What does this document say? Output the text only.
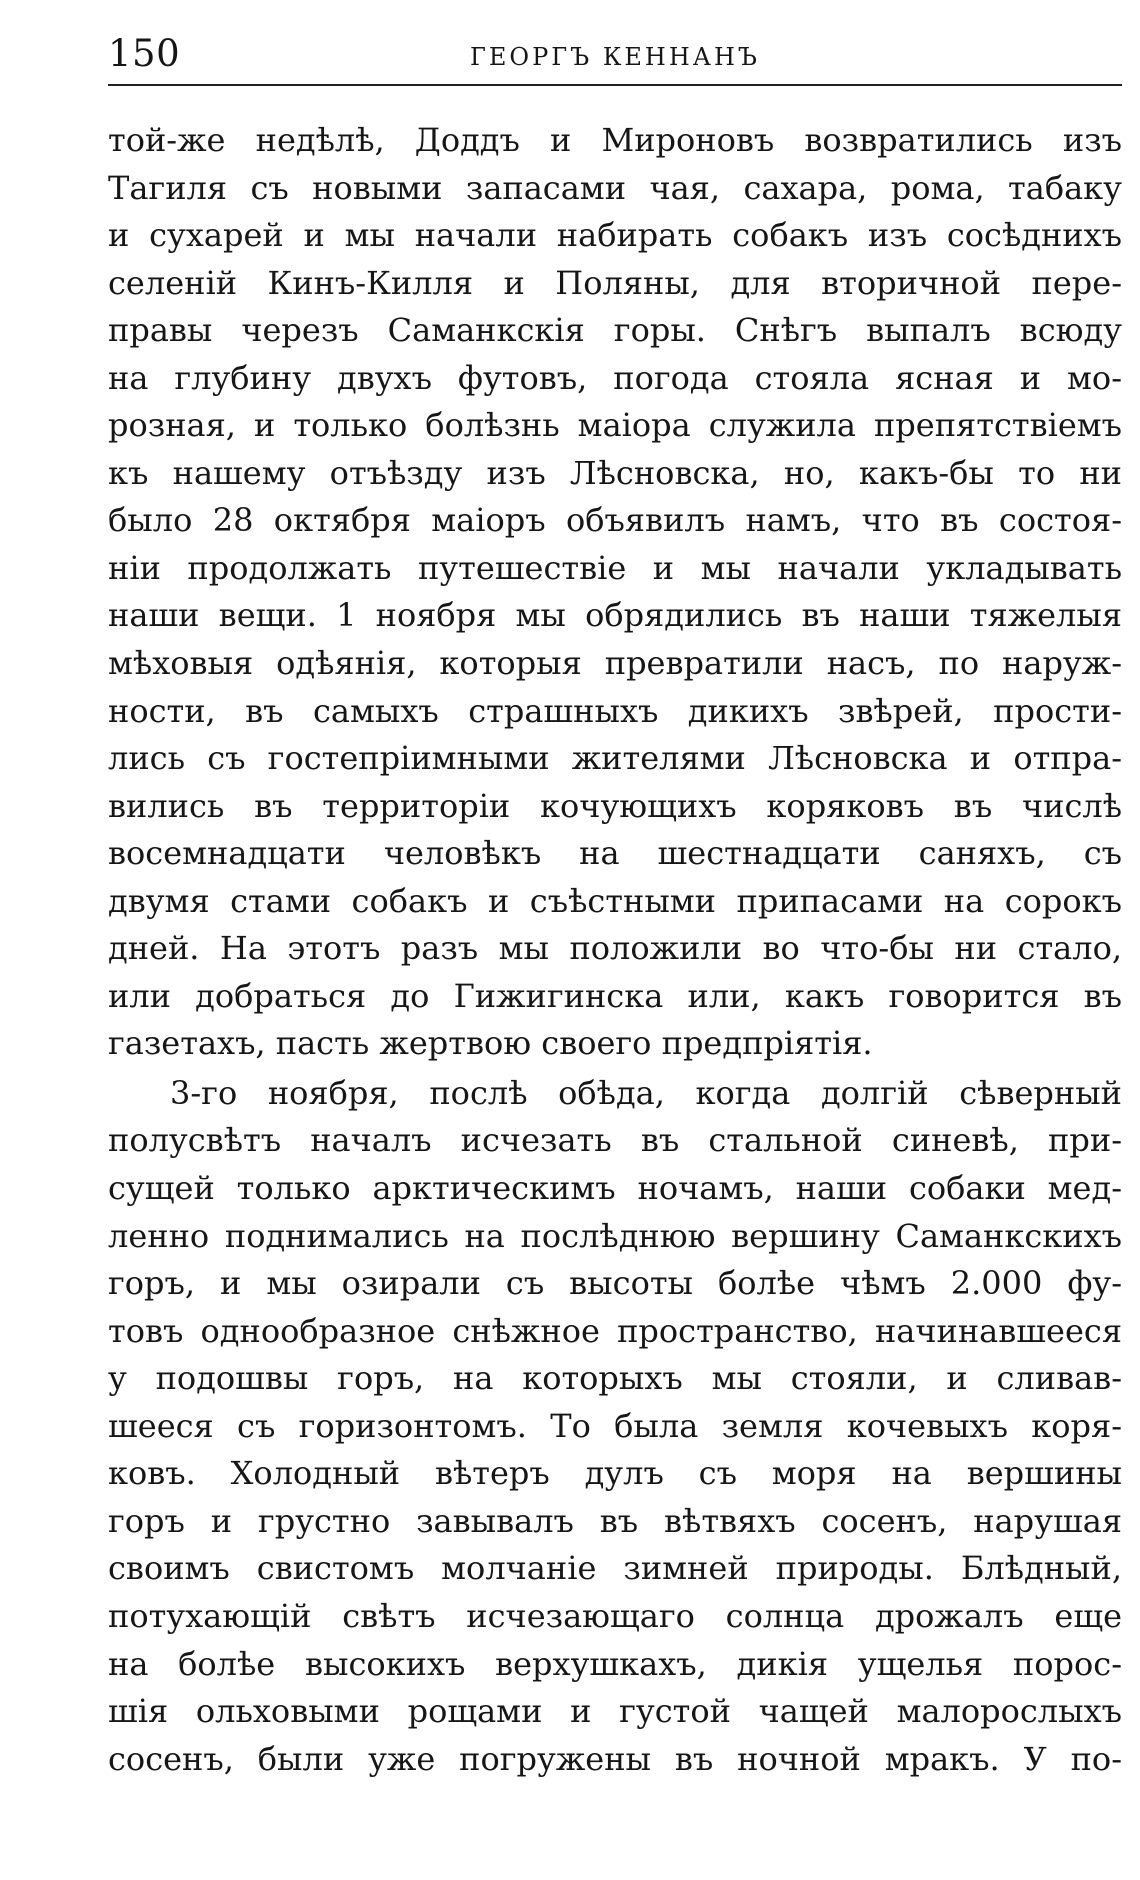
150	ГЕОРГЪ КЕННАНЪ
той-же недѣлѣ, Доддъ и Мироновъ возвратились изъ
Тагиля съ новыми запасами чая, сахара, рома, табаку
и сухарей и мы начали набирать собакъ изъ сосѣднихъ
селеній Кинъ-Килля и Поляны, для вторичной пере-
правы черезъ Саманкскія горы. Снѣгъ выпалъ всюду
на глубину двухъ футовъ, погода стояла ясная и мо-
розная, и только болѣзнь маіора служила препятствіемъ
къ нашему отъѣзду изъ Лѣсновска, но, какъ-бы то ни
было 28 октября маіоръ объявилъ намъ, что въ состоя-
ніи продолжать путешествіе и мы начали укладывать
наши вещи. 1 ноября мы обрядились въ наши тяжелыя
мѣховыя одѣянія, которыя превратили насъ, по наруж-
ности, въ самыхъ страшныхъ дикихъ звѣрей, прости-
лись съ гостепріимными жителями Лѣсновска и отпра-
вились въ территоріи кочующихъ коряковъ въ числѣ
восемнадцати человѣкъ на шестнадцати саняхъ, съ
двумя стами собакъ и съѣстными припасами на сорокъ
дней. На этотъ разъ мы положили во что-бы ни стало,
или добраться до Гижигинска или, какъ говорится въ
газетахъ, пасть жертвою своего предпріятія.
3-го ноября, послѣ обѣда, когда долгій сѣверный
полусвѣтъ началъ исчезать въ стальной синевѣ, при-
сущей только арктическимъ ночамъ, наши собаки мед-
ленно поднимались на послѣднюю вершину Саманкскихъ
горъ, и мы озирали съ высоты болѣе чѣмъ 2.000 фу-
товъ однообразное снѣжное пространство, начинавшееся
у подошвы горъ, на которыхъ мы стояли, и сливав-
шееся съ горизонтомъ. То была земля кочевыхъ коря-
ковъ. Холодный вѣтеръ дулъ съ моря на вершины
горъ и грустно завывалъ въ вѣтвяхъ сосенъ, нарушая
своимъ свистомъ молчаніе зимней природы. Блѣдный,
потухающій свѣтъ исчезающаго солнца дрожалъ еще
на болѣе высокихъ верхушкахъ, дикія ущелья порос-
шія ольховыми рощами и густой чащей малорослыхъ
сосенъ, были уже погружены въ ночной мракъ. У по-
